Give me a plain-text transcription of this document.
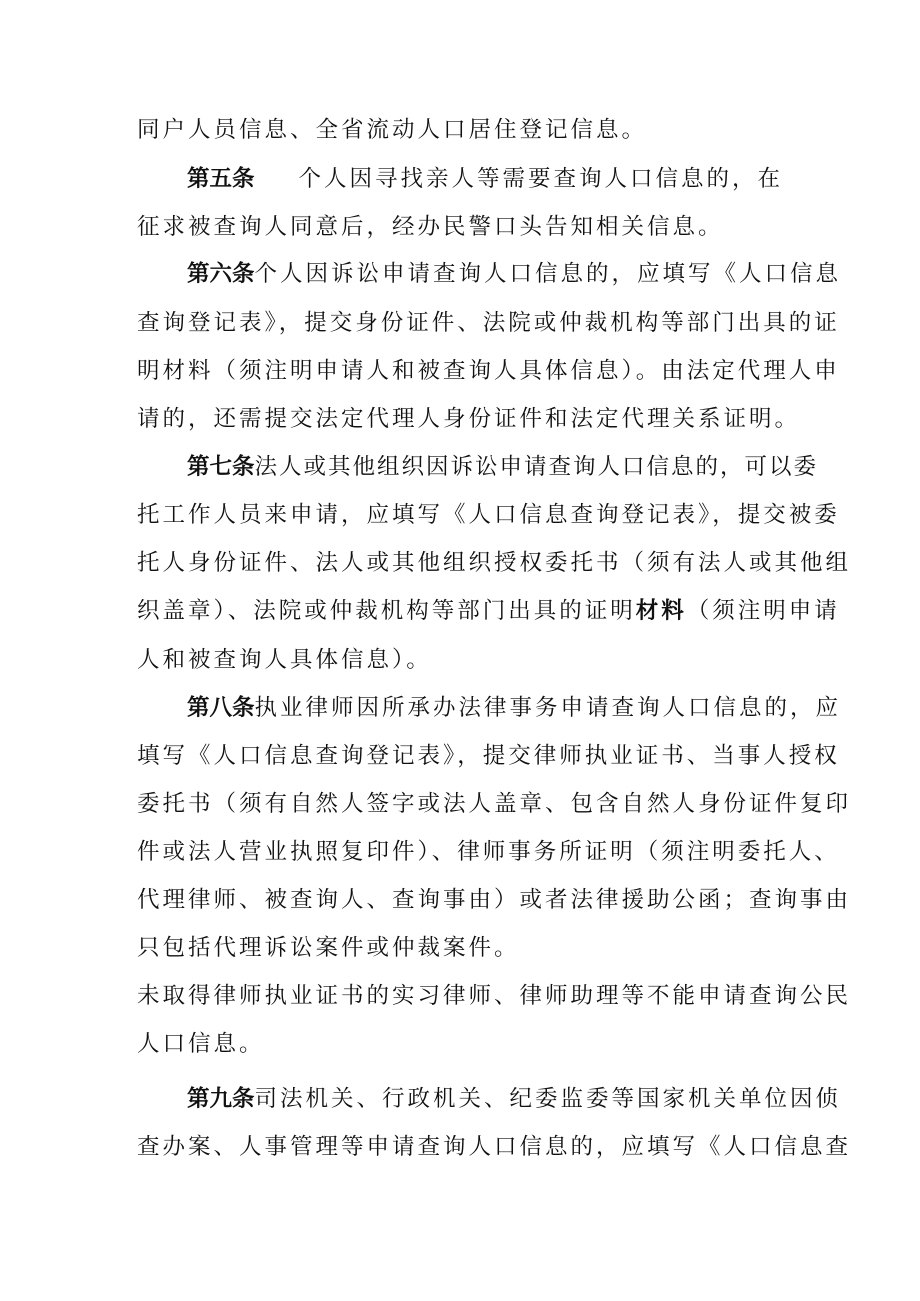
同户人员信息、全省流动人口居住登记信息。
第五条 个人因寻找亲人等需要查询人口信息的，在
征求被查询人同意后，经办民警口头告知相关信息。
第六条个人因诉讼申请查询人口信息的，应填写《人口信息
查询登记表》，提交身份证件、法院或仲裁机构等部门出具的证
明材料（须注明申请人和被查询人具体信息）。由法定代理人申
请的，还需提交法定代理人身份证件和法定代理关系证明。
第七条法人或其他组织因诉讼申请查询人口信息的，可以委
托工作人员来申请，应填写《人口信息查询登记表》，提交被委
托人身份证件、法人或其他组织授权委托书（须有法人或其他组
织盖章）、法院或仲裁机构等部门出具的证明材料（须注明申请
人和被查询人具体信息）。
第八条执业律师因所承办法律事务申请查询人口信息的，应
填写《人口信息查询登记表》，提交律师执业证书、当事人授权
委托书（须有自然人签字或法人盖章、包含自然人身份证件复印
件或法人营业执照复印件）、律师事务所证明（须注明委托人、
代理律师、被查询人、查询事由）或者法律援助公函；查询事由
只包括代理诉讼案件或仲裁案件。
未取得律师执业证书的实习律师、律师助理等不能申请查询公民
人口信息。
第九条司法机关、行政机关、纪委监委等国家机关单位因侦
查办案、人事管理等申请查询人口信息的，应填写《人口信息查
